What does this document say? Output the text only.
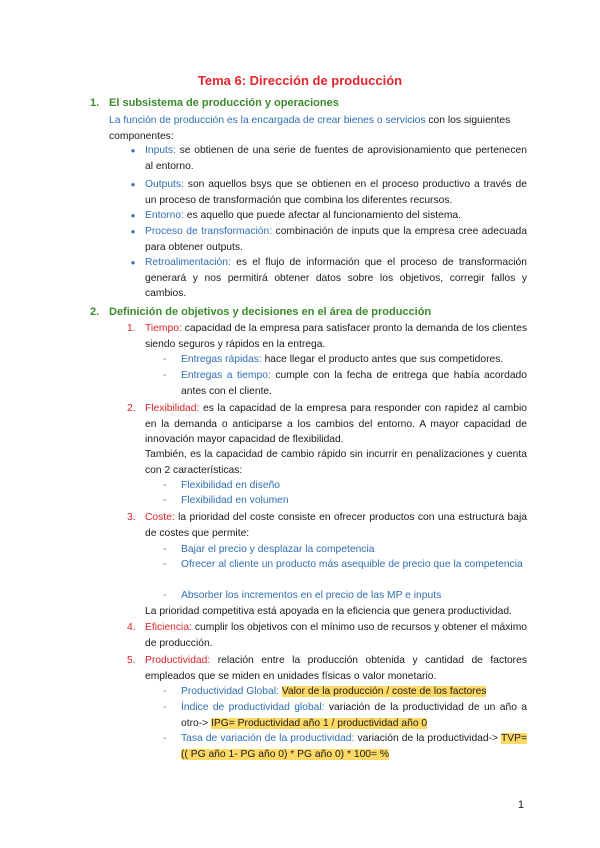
Tema 6: Dirección de producción
1. El subsistema de producción y operaciones
La función de producción es la encargada de crear bienes o servicios con los siguientes componentes:
● Inputs: se obtienen de una serie de fuentes de aprovisionamiento que pertenecen al entorno.
● Outputs: son aquellos bsys que se obtienen en el proceso productivo a través de un proceso de transformación que combina los diferentes recursos.
● Entorno: es aquello que puede afectar al funcionamiento del sistema.
● Proceso de transformación: combinación de inputs que la empresa cree adecuada para obtener outputs.
● Retroalimentación: es el flujo de información que el proceso de transformación generará y nos permitirá obtener datos sobre los objetivos, corregir fallos y cambios.
2. Definición de objetivos y decisiones en el área de producción
1. Tiempo: capacidad de la empresa para satisfacer pronto la demanda de los clientes siendo seguros y rápidos en la entrega.
- Entregas rápidas: hace llegar el producto antes que sus competidores.
- Entregas a tiempo: cumple con la fecha de entrega que había acordado antes con el cliente.
2. Flexibilidad: es la capacidad de la empresa para responder con rapidez al cambio en la demanda o anticiparse a los cambios del entorno. A mayor capacidad de innovación mayor capacidad de flexibilidad.
También, es la capacidad de cambio rápido sin incurrir en penalizaciones y cuenta con 2 características:
- Flexibilidad en diseño
- Flexibilidad en volumen
3. Coste: la prioridad del coste consiste en ofrecer productos con una estructura baja de costes que permite:
- Bajar el precio y desplazar la competencia
- Ofrecer al cliente un producto más asequible de precio que la competencia
- Absorber los incrementos en el precio de las MP e inputs
La prioridad competitiva está apoyada en la eficiencia que genera productividad.
4. Eficiencia: cumplir los objetivos con el mínimo uso de recursos y obtener el máximo de producción.
5. Productividad: relación entre la producción obtenida y cantidad de factores empleados que se miden en unidades físicas o valor monetario.
- Productividad Global: Valor de la producción / coste de los factores
- Índice de productividad global: variación de la productividad de un año a otro-> IPG= Productividad año 1 / productividad año 0
- Tasa de variación de la productividad: variación de la productividad-> TVP= (( PG año 1- PG año 0) * PG año 0) * 100= %
1
